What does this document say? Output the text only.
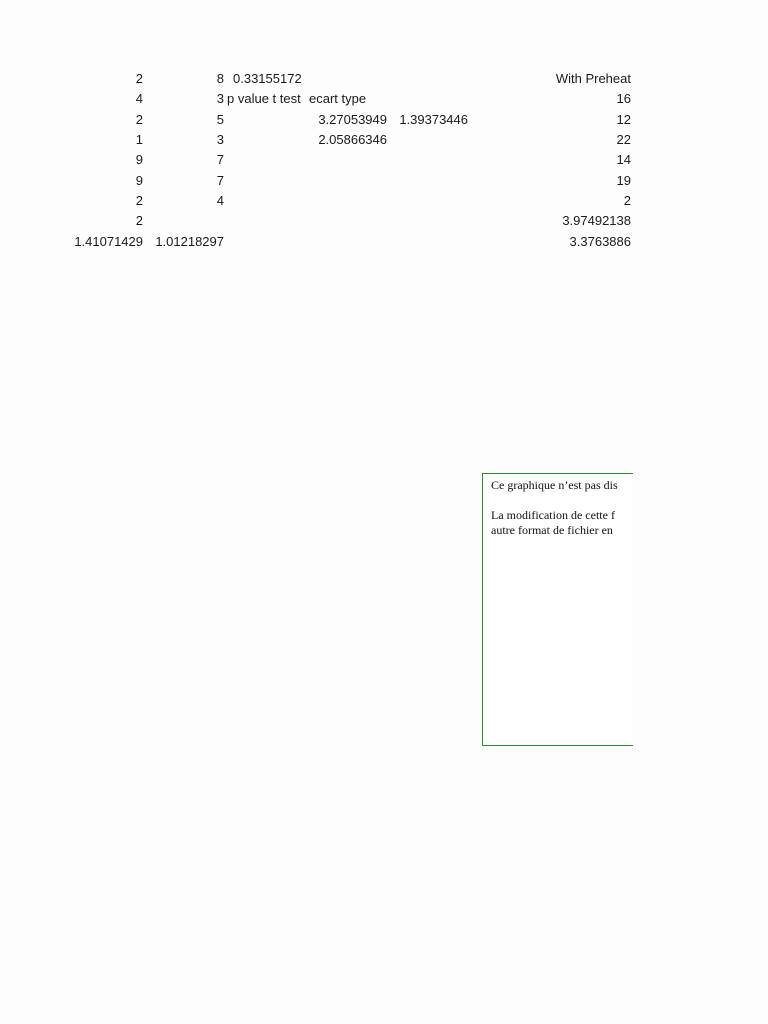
2
4
2
1
9
9
2
2
1.41071429
8
3
5
3
7
7
4
1.01218297
0.33155172
p value t test ecart type
3.27053949
2.05866346
1.39373446
With Preheat
16
12
22
14
19
2
3.97492138
3.3763886

Ce graphique n’est pas dis

La modification de cette f

autre format de fichier en
